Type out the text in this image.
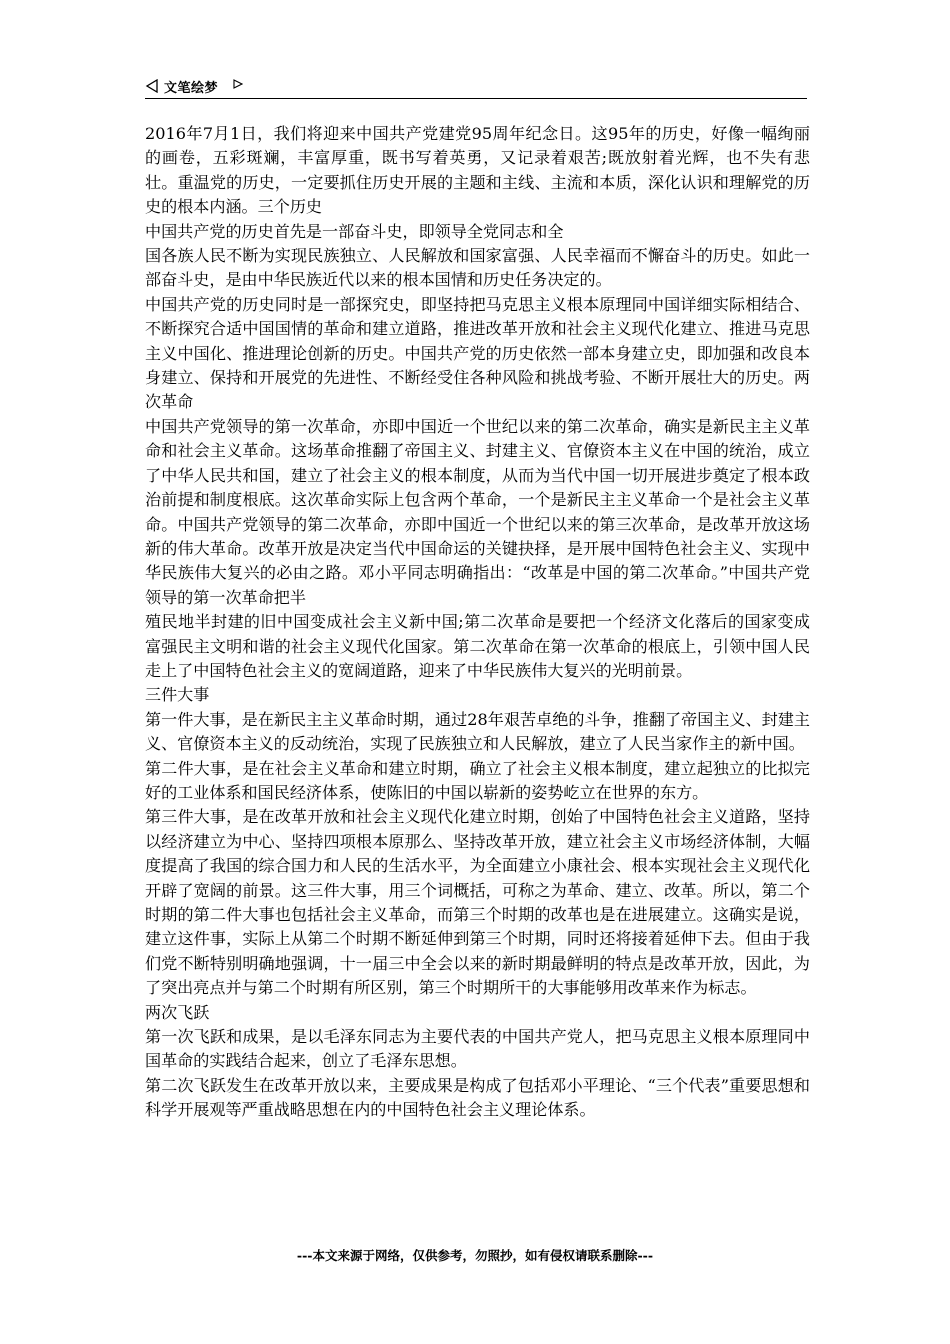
文笔绘梦

2016年7月1日，我们将迎来中国共产党建党95周年纪念日。这95年的历史，好像一幅绚丽的画卷，五彩斑斓，丰富厚重，既书写着英勇，又记录着艰苦;既放射着光辉，也不失有悲壮。重温党的历史，一定要抓住历史开展的主题和主线、主流和本质，深化认识和理解党的历史的根本内涵。三个历史

中国共产党的历史首先是一部奋斗史，即领导全党同志和全

国各族人民不断为实现民族独立、人民解放和国家富强、人民幸福而不懈奋斗的历史。如此一部奋斗史，是由中华民族近代以来的根本国情和历史任务决定的。

中国共产党的历史同时是一部探究史，即坚持把马克思主义根本原理同中国详细实际相结合、不断探究合适中国国情的革命和建立道路，推进改革开放和社会主义现代化建立、推进马克思主义中国化、推进理论创新的历史。中国共产党的历史依然一部本身建立史，即加强和改良本身建立、保持和开展党的先进性、不断经受住各种风险和挑战考验、不断开展壮大的历史。两次革命

中国共产党领导的第一次革命，亦即中国近一个世纪以来的第二次革命，确实是新民主主义革命和社会主义革命。这场革命推翻了帝国主义、封建主义、官僚资本主义在中国的统治，成立了中华人民共和国，建立了社会主义的根本制度，从而为当代中国一切开展进步奠定了根本政治前提和制度根底。这次革命实际上包含两个革命，一个是新民主主义革命一个是社会主义革命。中国共产党领导的第二次革命，亦即中国近一个世纪以来的第三次革命，是改革开放这场新的伟大革命。改革开放是决定当代中国命运的关键抉择，是开展中国特色社会主义、实现中华民族伟大复兴的必由之路。邓小平同志明确指出：“改革是中国的第二次革命。”中国共产党领导的第一次革命把半

殖民地半封建的旧中国变成社会主义新中国;第二次革命是要把一个经济文化落后的国家变成富强民主文明和谐的社会主义现代化国家。第二次革命在第一次革命的根底上，引领中国人民走上了中国特色社会主义的宽阔道路，迎来了中华民族伟大复兴的光明前景。

三件大事

第一件大事，是在新民主主义革命时期，通过28年艰苦卓绝的斗争，推翻了帝国主义、封建主义、官僚资本主义的反动统治，实现了民族独立和人民解放，建立了人民当家作主的新中国。

第二件大事，是在社会主义革命和建立时期，确立了社会主义根本制度，建立起独立的比拟完好的工业体系和国民经济体系，使陈旧的中国以崭新的姿势屹立在世界的东方。

第三件大事，是在改革开放和社会主义现代化建立时期，创始了中国特色社会主义道路，坚持以经济建立为中心、坚持四项根本原那么、坚持改革开放，建立社会主义市场经济体制，大幅度提高了我国的综合国力和人民的生活水平，为全面建立小康社会、根本实现社会主义现代化开辟了宽阔的前景。这三件大事，用三个词概括，可称之为革命、建立、改革。所以，第二个时期的第二件大事也包括社会主义革命，而第三个时期的改革也是在进展建立。这确实是说，建立这件事，实际上从第二个时期不断延伸到第三个时期，同时还将接着延伸下去。但由于我们党不断特别明确地强调，十一届三中全会以来的新时期最鲜明的特点是改革开放，因此，为了突出亮点并与第二个时期有所区别，第三个时期所干的大事能够用改革来作为标志。

两次飞跃

第一次飞跃和成果，是以毛泽东同志为主要代表的中国共产党人，把马克思主义根本原理同中国革命的实践结合起来，创立了毛泽东思想。

第二次飞跃发生在改革开放以来，主要成果是构成了包括邓小平理论、“三个代表”重要思想和科学开展观等严重战略思想在内的中国特色社会主义理论体系。

---本文来源于网络，仅供参考，勿照抄，如有侵权请联系删除---
